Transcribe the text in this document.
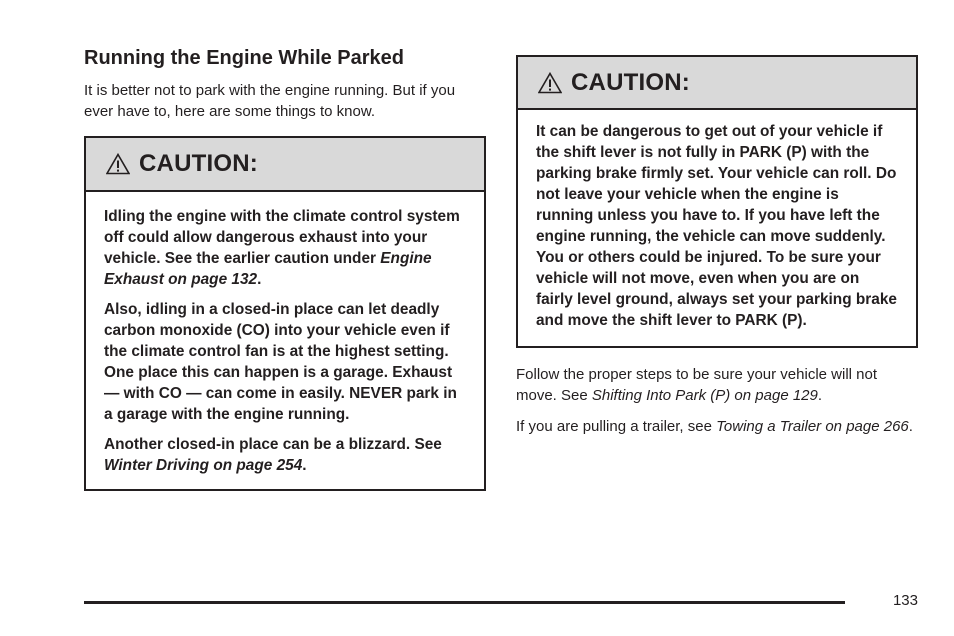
Running the Engine While Parked

It is better not to park with the engine running. But if you ever have to, here are some things to know.

CAUTION:

Idling the engine with the climate control system off could allow dangerous exhaust into your vehicle. See the earlier caution under Engine Exhaust on page 132.

Also, idling in a closed-in place can let deadly carbon monoxide (CO) into your vehicle even if the climate control fan is at the highest setting. One place this can happen is a garage. Exhaust — with CO — can come in easily. NEVER park in a garage with the engine running.

Another closed-in place can be a blizzard. See Winter Driving on page 254.

CAUTION:

It can be dangerous to get out of your vehicle if the shift lever is not fully in PARK (P) with the parking brake firmly set. Your vehicle can roll. Do not leave your vehicle when the engine is running unless you have to. If you have left the engine running, the vehicle can move suddenly. You or others could be injured. To be sure your vehicle will not move, even when you are on fairly level ground, always set your parking brake and move the shift lever to PARK (P).

Follow the proper steps to be sure your vehicle will not move. See Shifting Into Park (P) on page 129.

If you are pulling a trailer, see Towing a Trailer on page 266.

133
